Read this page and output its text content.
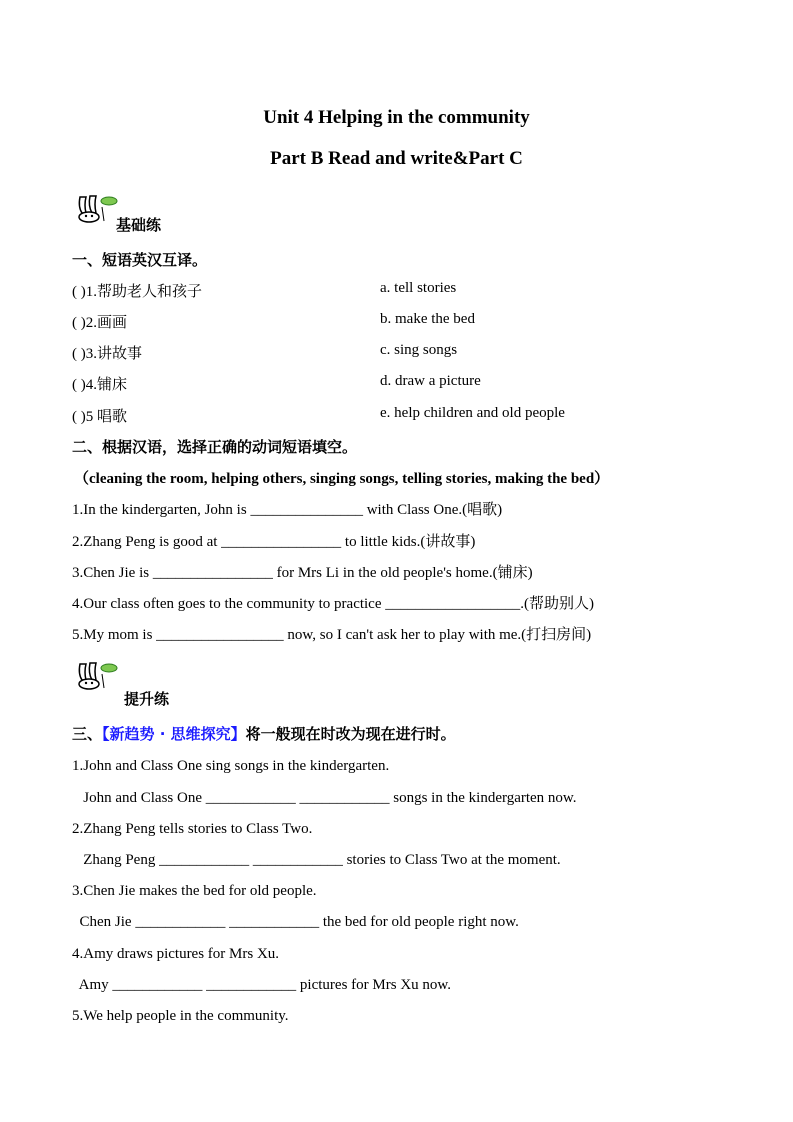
Unit 4 Helping in the community
Part B Read and write&Part C
基础练
一、短语英汉互译。
( )1.帮助老人和孩子	a. tell stories
( )2.画画	b. make the bed
( )3.讲故事	c. sing songs
( )4.铺床	d. draw a picture
( )5 唱歌	e. help children and old people
二、根据汉语，选择正确的动词短语填空。
（cleaning the room, helping others, singing songs, telling stories, making the bed）
1.In the kindergarten, John is _______________ with Class One.(唱歌)
2.Zhang Peng is good at ________________ to little kids.(讲故事)
3.Chen Jie is ________________ for Mrs Li in the old people's home.(铺床)
4.Our class often goes to the community to practice __________________.(帮助别人)
5.My mom is _________________ now, so I can't ask her to play with me.(打扫房间)
提升练
三、【新趋势 · 思维探究】将一般现在时改为现在进行时。
1.John and Class One sing songs in the kindergarten.
John and Class One ____________ ____________ songs in the kindergarten now.
2.Zhang Peng tells stories to Class Two.
Zhang Peng ____________ ____________ stories to Class Two at the moment.
3.Chen Jie makes the bed for old people.
Chen Jie ____________ ____________ the bed for old people right now.
4.Amy draws pictures for Mrs Xu.
Amy ____________ ____________ pictures for Mrs Xu now.
5.We help people in the community.
